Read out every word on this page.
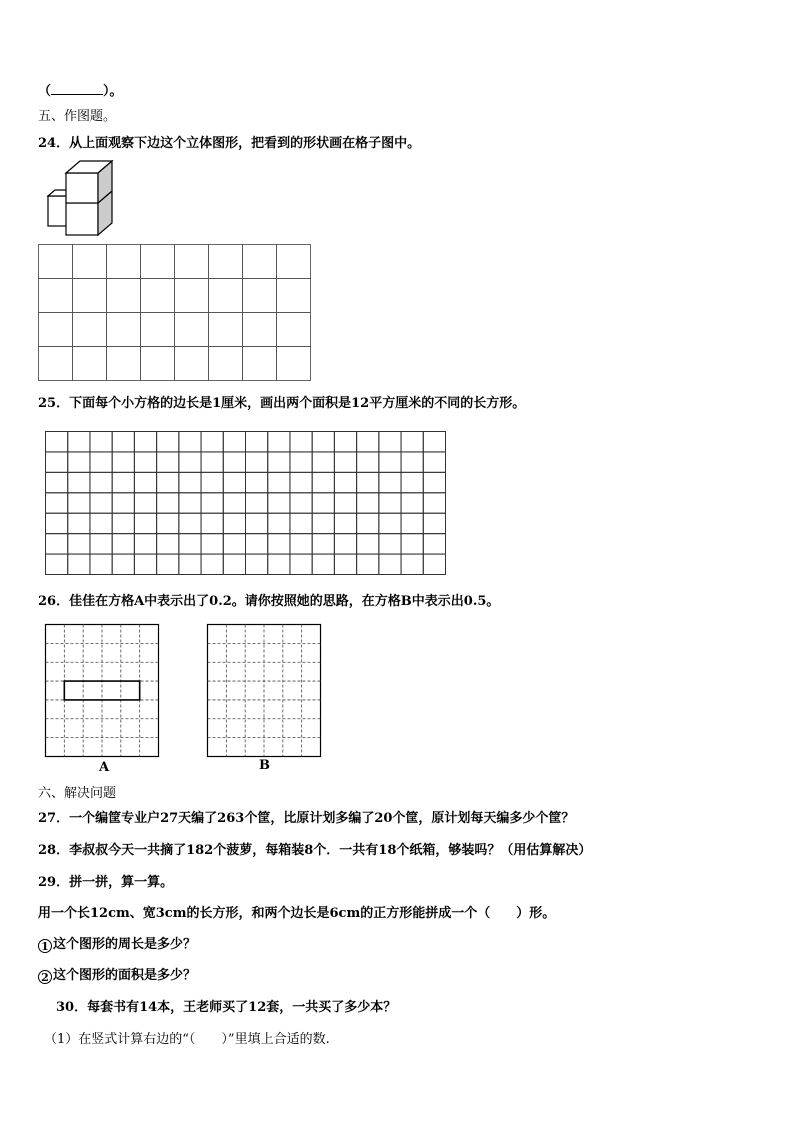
（	）。
五、作图题。
24．从上面观察下边这个立体图形，把看到的形状画在格子图中。
25．下面每个小方格的边长是1厘米，画出两个面积是12平方厘米的不同的长方形。
26．佳佳在方格A中表示出了0.2。请你按照她的思路，在方格B中表示出0.5。
A	B
六、解决问题
27．一个编筐专业户27天编了263个筐，比原计划多编了20个筐，原计划每天编多少个筐？
28．李叔叔今天一共摘了182个菠萝，每箱装8个．一共有18个纸箱，够装吗？（用估算解决）
29．拼一拼，算一算。
用一个长12cm、宽3cm的长方形，和两个边长是6cm的正方形能拼成一个（　　）形。
1 这个图形的周长是多少？
2 这个图形的面积是多少？
30．每套书有14本，王老师买了12套，一共买了多少本？
（1）在竖式计算右边的“（　　）”里填上合适的数.
